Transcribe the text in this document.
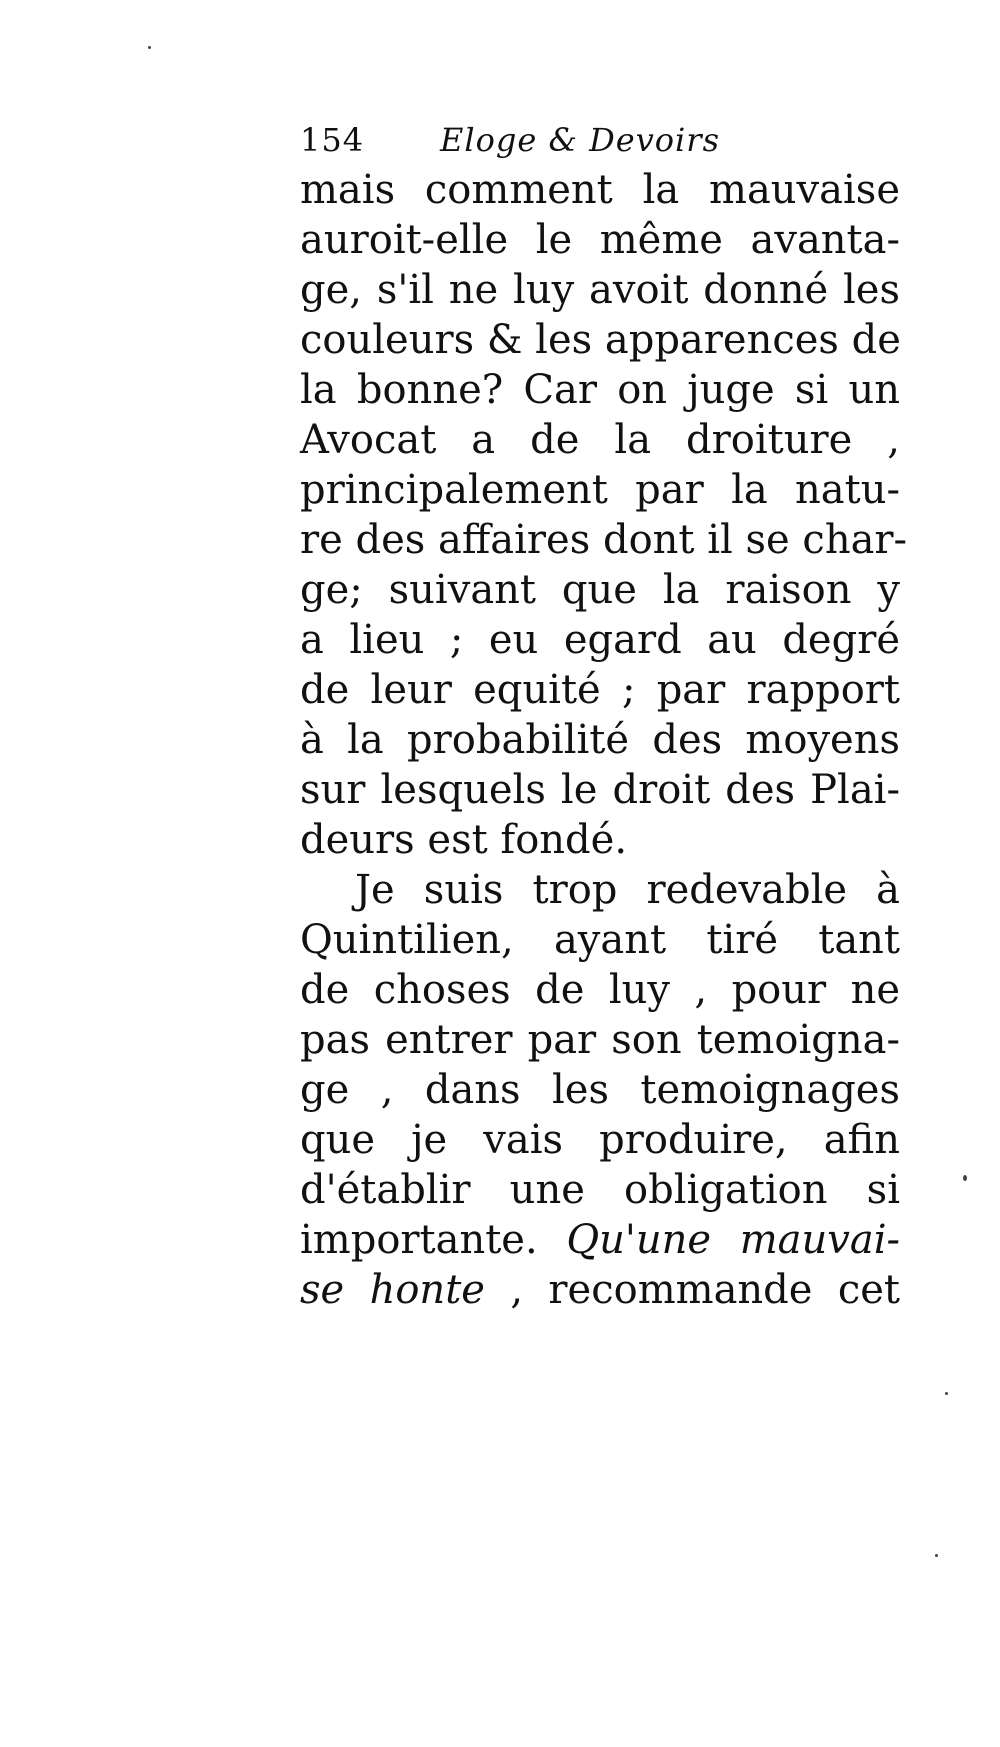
154 Eloge & Devoirs
mais comment la mauvaise
auroit-elle le même avanta-
ge, s'il ne luy avoit donné les
couleurs & les apparences de
la bonne? Car on juge si un
Avocat a de la droiture ,
principalement par la natu-
re des affaires dont il se char-
ge; suivant que la raison y
a lieu ; eu egard au degré
de leur equité ; par rapport
à la probabilité des moyens
sur lesquels le droit des Plai-
deurs est fondé.
Je suis trop redevable à
Quintilien, ayant tiré tant
de choses de luy , pour ne
pas entrer par son temoigna-
ge , dans les temoignages
que je vais produire, afin
d'établir une obligation si
importante. Qu'une mauvai-
se honte , recommande cet
